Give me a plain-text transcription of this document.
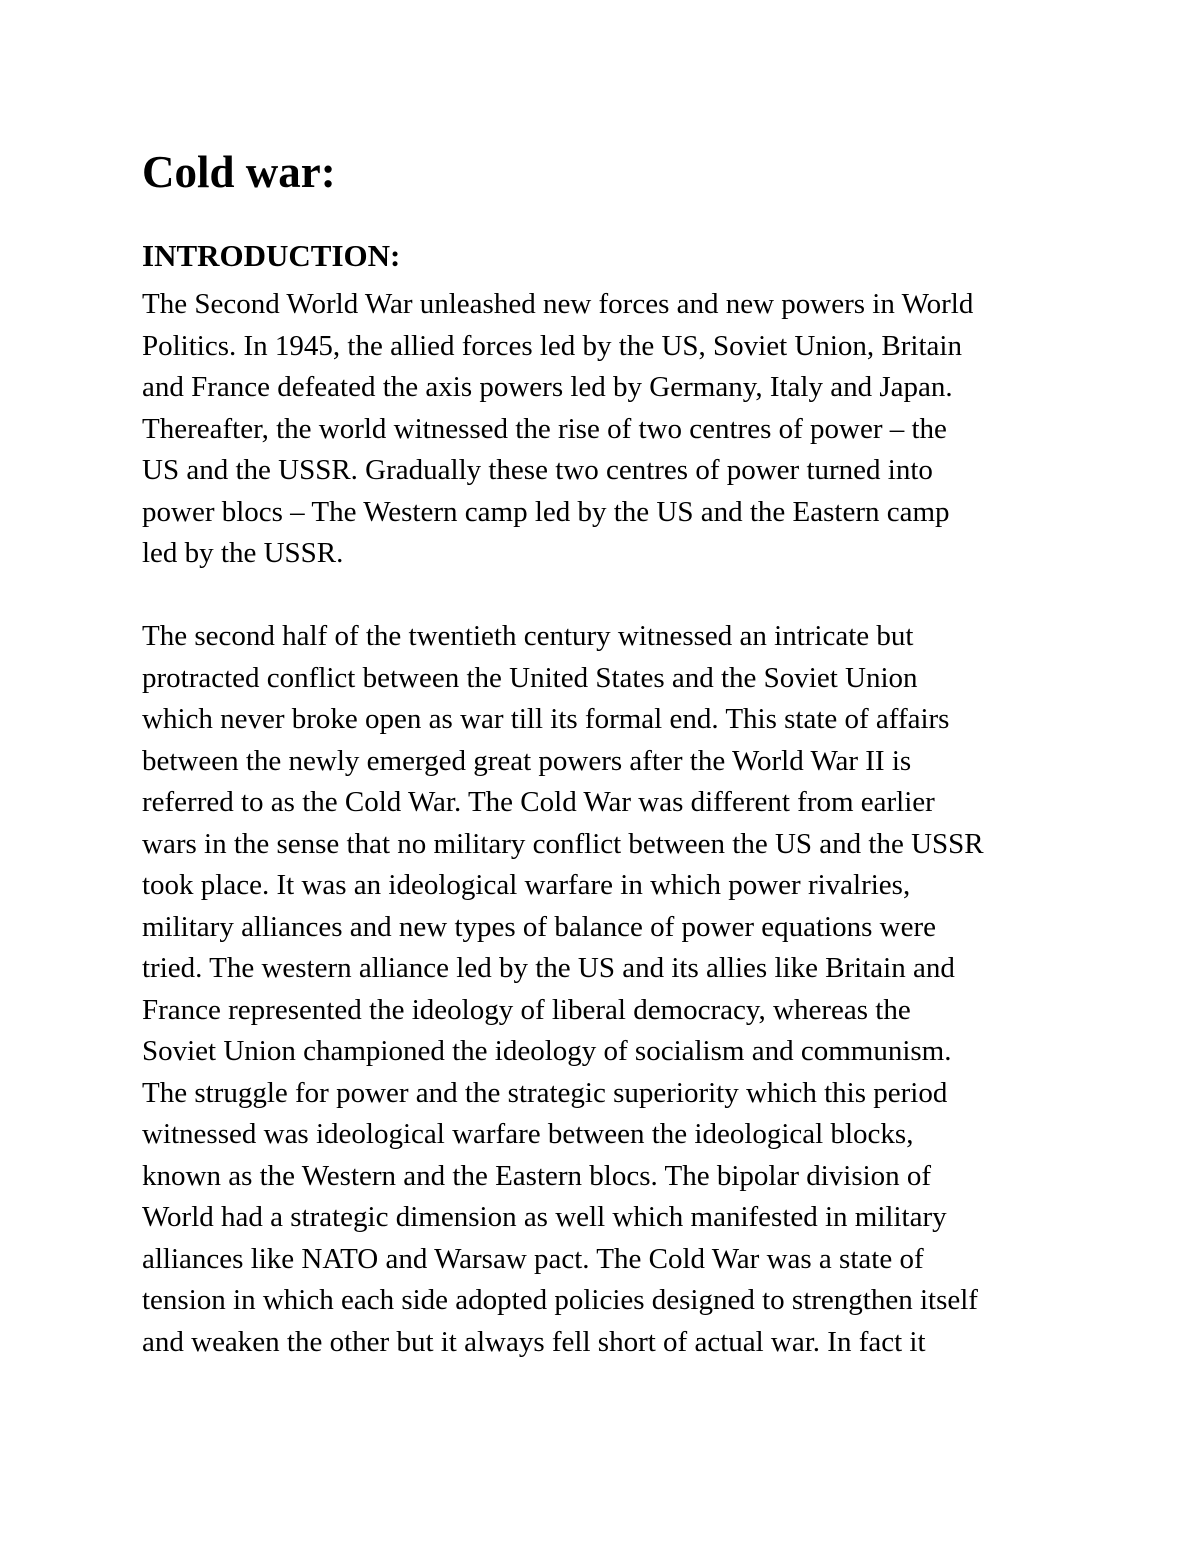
Cold war:
INTRODUCTION:

The Second World War unleashed new forces and new powers in World
Politics. In 1945, the allied forces led by the US, Soviet Union, Britain
and France defeated the axis powers led by Germany, Italy and Japan.
Thereafter, the world witnessed the rise of two centres of power – the
US and the USSR. Gradually these two centres of power turned into
power blocs – The Western camp led by the US and the Eastern camp
led by the USSR.

The second half of the twentieth century witnessed an intricate but
protracted conflict between the United States and the Soviet Union
which never broke open as war till its formal end. This state of affairs
between the newly emerged great powers after the World War II is
referred to as the Cold War. The Cold War was different from earlier
wars in the sense that no military conflict between the US and the USSR
took place. It was an ideological warfare in which power rivalries,
military alliances and new types of balance of power equations were
tried. The western alliance led by the US and its allies like Britain and
France represented the ideology of liberal democracy, whereas the
Soviet Union championed the ideology of socialism and communism.
The struggle for power and the strategic superiority which this period
witnessed was ideological warfare between the ideological blocks,
known as the Western and the Eastern blocs. The bipolar division of
World had a strategic dimension as well which manifested in military
alliances like NATO and Warsaw pact. The Cold War was a state of
tension in which each side adopted policies designed to strengthen itself
and weaken the other but it always fell short of actual war. In fact it
